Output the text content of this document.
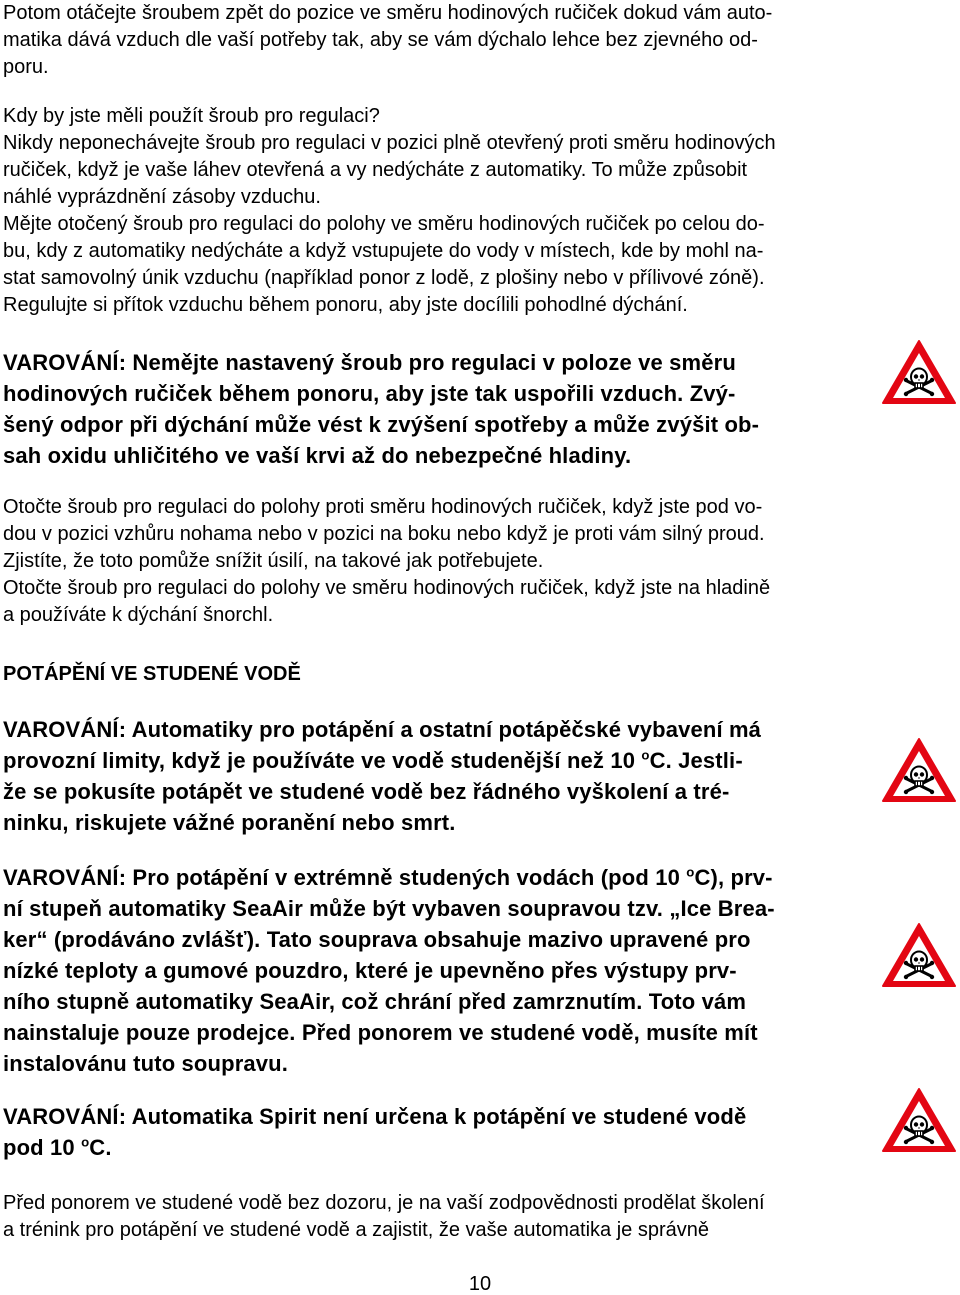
Potom otáčejte šroubem zpět do pozice ve směru hodinových ručiček dokud vám auto-
matika dává vzduch dle vaší potřeby tak, aby se vám dýchalo lehce bez zjevného od-
poru.
Kdy by jste měli použít šroub pro regulaci?
Nikdy neponechávejte šroub pro regulaci v pozici plně otevřený proti směru hodinových
ručiček, když je vaše láhev otevřená a vy nedýcháte z automatiky. To může způsobit
náhlé vyprázdnění zásoby vzduchu.
Mějte otočený šroub pro regulaci do polohy ve směru hodinových ručiček po celou do-
bu, kdy z automatiky nedýcháte a když vstupujete do vody v místech, kde by mohl na-
stat samovolný únik vzduchu (například ponor z lodě, z plošiny nebo v přílivové zóně).
Regulujte si přítok vzduchu během ponoru, aby jste docílili pohodlné dýchání.
VAROVÁNÍ: Nemějte nastavený šroub pro regulaci v poloze ve směru
hodinových ručiček během ponoru, aby jste tak uspořili vzduch. Zvý-
šený odpor při dýchání může vést k zvýšení spotřeby a může zvýšit ob-
sah oxidu uhličitého ve vaší krvi až do nebezpečné hladiny.
Otočte šroub pro regulaci do polohy proti směru hodinových ručiček, když jste pod vo-
dou v pozici vzhůru nohama nebo v pozici na boku nebo když je proti vám silný proud.
Zjistíte, že toto pomůže snížit úsilí, na takové jak potřebujete.
Otočte šroub pro regulaci do polohy ve směru hodinových ručiček, když jste na hladině
a používáte k dýchání šnorchl.
POTÁPĚNÍ VE STUDENÉ VODĚ
VAROVÁNÍ: Automatiky pro potápění a ostatní potápěčské vybavení má
provozní limity, když je používáte ve vodě studenější než 10 $^o$C. Jestli-
že se pokusíte potápět ve studené vodě bez řádného vyškolení a tré-
ninku, riskujete vážné poranění nebo smrt.
VAROVÁNÍ: Pro potápění v extrémně studených vodách (pod 10 $^o$C), prv-
ní stupeň automatiky SeaAir může být vybaven soupravou tzv. „Ice Brea-
ker“ (prodáváno zvlášť). Tato souprava obsahuje mazivo upravené pro
nízké teploty a gumové pouzdro, které je upevněno přes výstupy prv-
ního stupně automatiky SeaAir, což chrání před zamrznutím. Toto vám
nainstaluje pouze prodejce. Před ponorem ve studené vodě, musíte mít
instalovánu tuto soupravu.
VAROVÁNÍ: Automatika Spirit není určena k potápění ve studené vodě
pod 10 $^o$C.
Před ponorem ve studené vodě bez dozoru, je na vaší zodpovědnosti prodělat školení
a trénink pro potápění ve studené vodě a zajistit, že vaše automatika je správně
10
